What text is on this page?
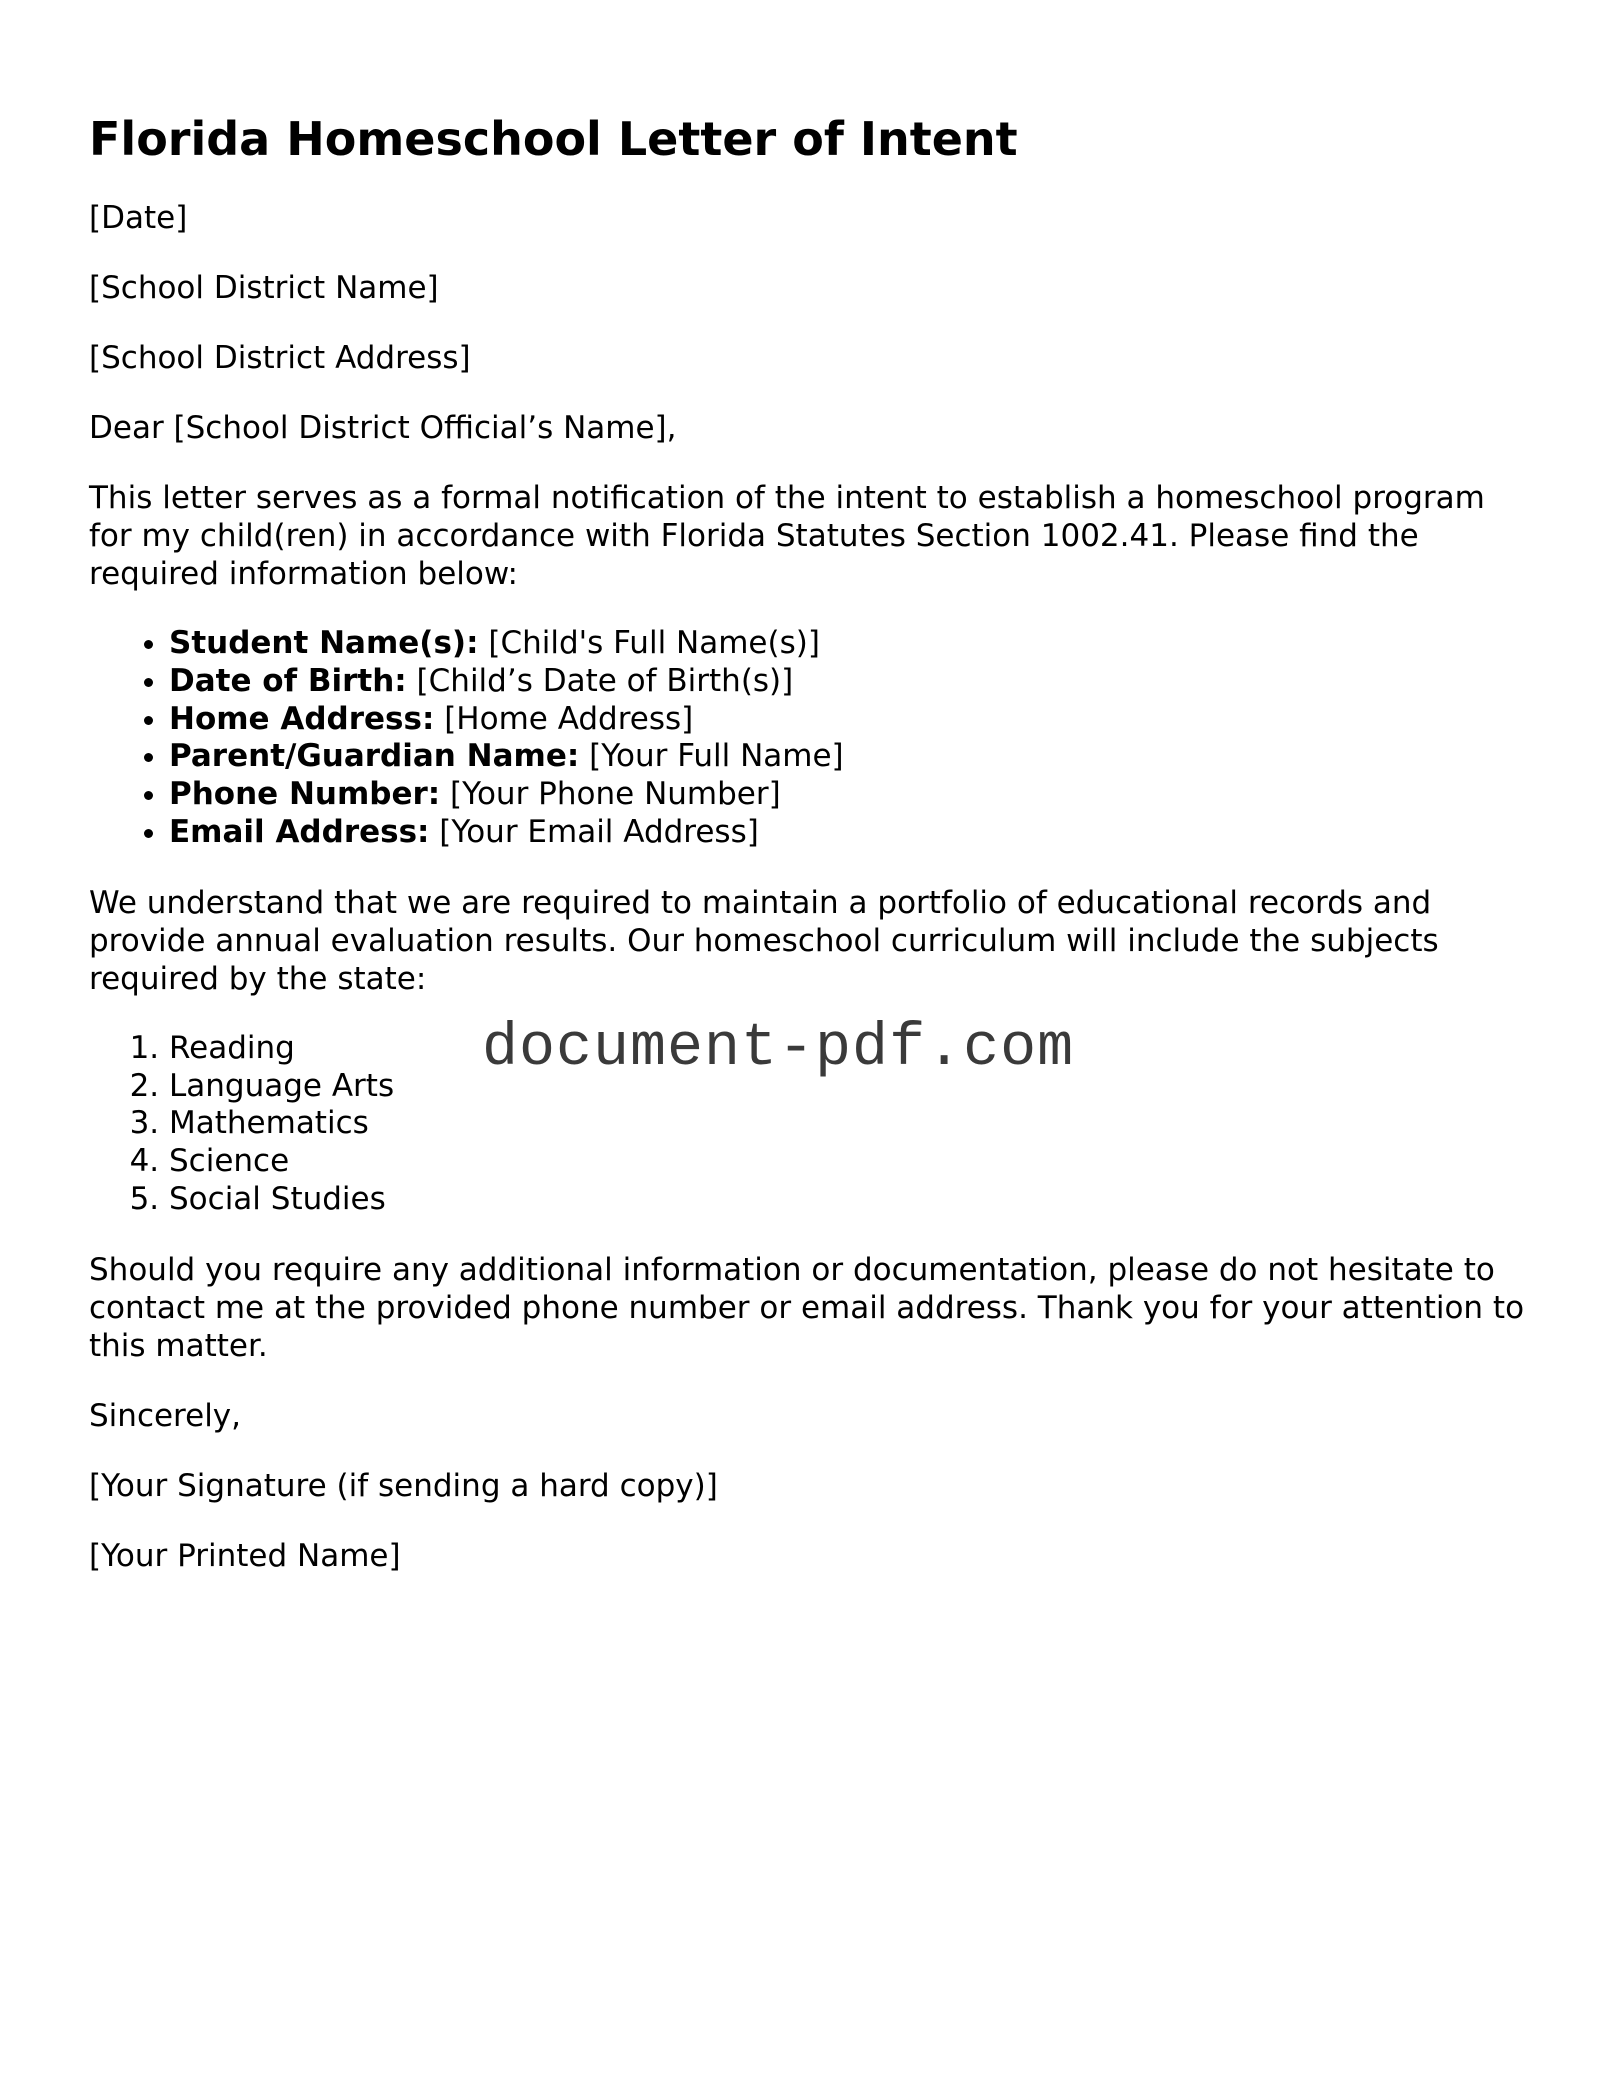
Florida Homeschool Letter of Intent

[Date]

[School District Name]

[School District Address]

Dear [School District Official’s Name],

This letter serves as a formal notification of the intent to establish a homeschool program for my child(ren) in accordance with Florida Statutes Section 1002.41. Please find the required information below:

• Student Name(s): [Child's Full Name(s)]
• Date of Birth: [Child’s Date of Birth(s)]
• Home Address: [Home Address]
• Parent/Guardian Name: [Your Full Name]
• Phone Number: [Your Phone Number]
• Email Address: [Your Email Address]

We understand that we are required to maintain a portfolio of educational records and provide annual evaluation results. Our homeschool curriculum will include the subjects required by the state:

1. Reading
2. Language Arts
3. Mathematics
4. Science
5. Social Studies

Should you require any additional information or documentation, please do not hesitate to contact me at the provided phone number or email address. Thank you for your attention to this matter.

Sincerely,

[Your Signature (if sending a hard copy)]

[Your Printed Name]

document-pdf.com
